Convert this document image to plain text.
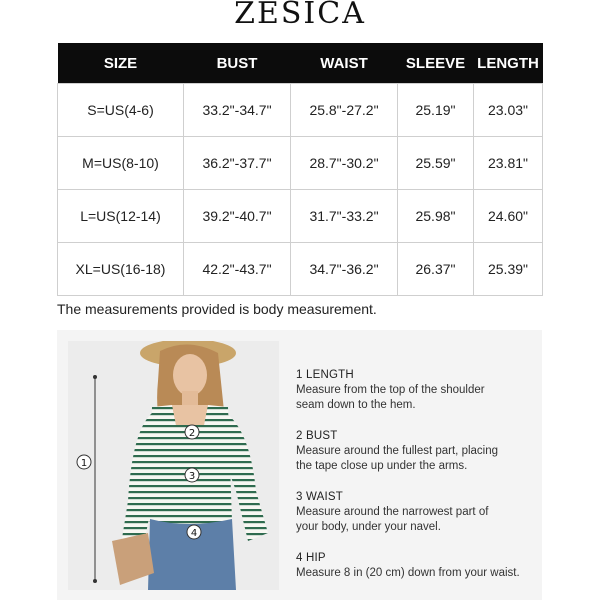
ZESICA
SIZE	BUST	WAIST	SLEEVE	LENGTH
S=US(4-6)	33.2"-34.7"	25.8"-27.2"	25.19"	23.03"
M=US(8-10)	36.2"-37.7"	28.7"-30.2"	25.59"	23.81"
L=US(12-14)	39.2"-40.7"	31.7"-33.2"	25.98"	24.60"
XL=US(16-18)	42.2"-43.7"	34.7"-36.2"	26.37"	25.39"
The measurements provided is body measurement.
1
2
3
4
1 LENGTH
Measure from the top of the shoulder
seam down to the hem.
2 BUST
Measure around the fullest part, placing
the tape close up under the arms.
3 WAIST
Measure around the narrowest part of
your body, under your navel.
4 HIP
Measure 8 in (20 cm) down from your waist.
